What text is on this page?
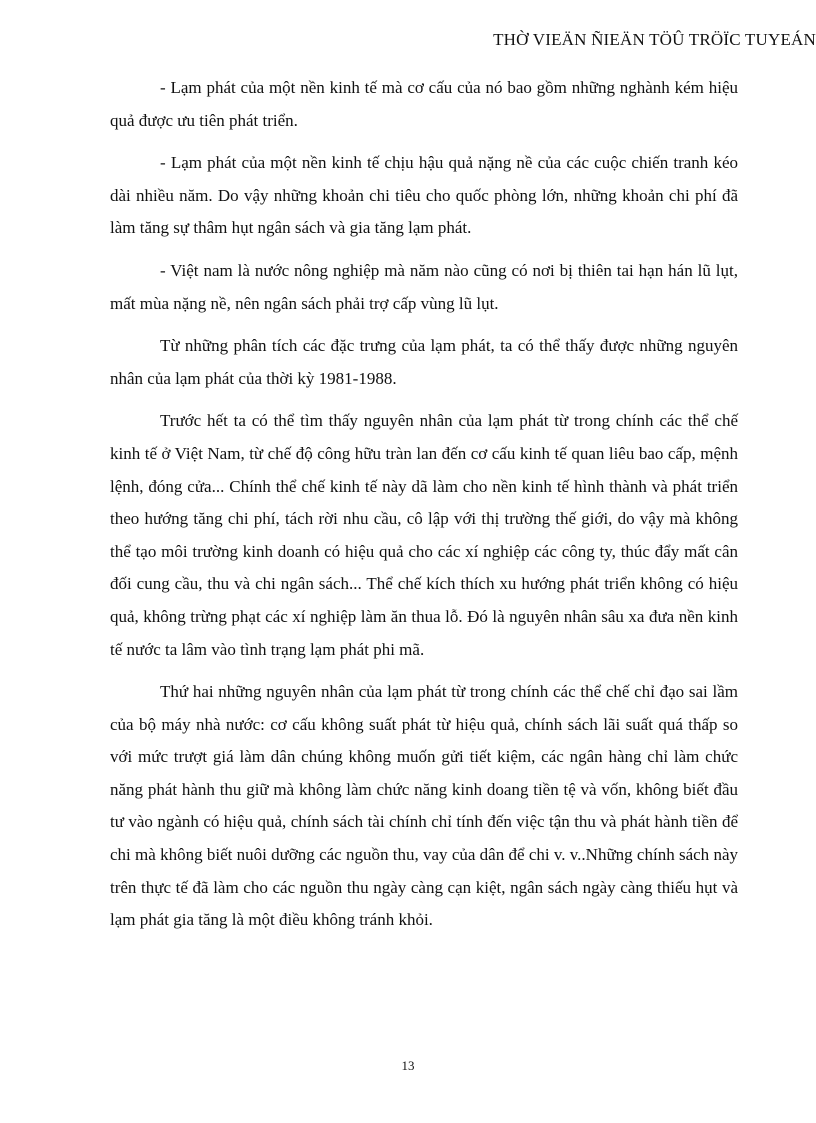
THỜ VIEÄN ÑIEÄN TÖÛ TRÖÏC TUYEÁN

- Lạm phát của một nền kinh tế mà cơ cấu của nó bao gồm những nghành kém hiệu quả được ưu tiên phát triển.

- Lạm phát của một nền kinh tế chịu hậu quả nặng nề của các cuộc chiến tranh kéo dài nhiều năm. Do vậy những khoản chi tiêu cho quốc phòng lớn, những khoản chi phí đã làm tăng sự thâm hụt ngân sách và gia tăng lạm phát.

- Việt nam là nước nông nghiệp mà năm nào cũng có nơi bị thiên tai hạn hán lũ lụt, mất mùa nặng nề, nên ngân sách phải trợ cấp vùng lũ lụt.

Từ những phân tích các đặc trưng của lạm phát, ta có thể thấy được những nguyên nhân của lạm phát của thời kỳ 1981-1988.

Trước hết ta có thể tìm thấy nguyên nhân của lạm phát từ trong chính các thể chế kinh tế ở Việt Nam, từ chế độ công hữu tràn lan đến cơ cấu kinh tế quan liêu bao cấp, mệnh lệnh, đóng cửa... Chính thể chế kinh tế này dã làm cho nền kinh tế hình thành và phát triển theo hướng tăng chi phí, tách rời nhu cầu, cô lập với thị trường thế giới, do vậy mà không thể tạo môi trường kinh doanh có hiệu quả cho các xí nghiệp các công ty, thúc đẩy mất cân đối cung cầu, thu và chi ngân sách... Thể chế kích thích xu hướng phát triển không có hiệu quả, không trừng phạt các xí nghiệp làm ăn thua lỗ. Đó là nguyên nhân sâu xa đưa nền kinh tế nước ta lâm vào tình trạng lạm phát phi mã.

Thứ hai những nguyên nhân của lạm phát từ trong chính các thể chế chỉ đạo sai lầm của bộ máy nhà nước: cơ cấu không suất phát từ hiệu quả, chính sách lãi suất quá thấp so với mức trượt giá làm dân chúng không muốn gửi tiết kiệm, các ngân hàng chỉ làm chức năng phát hành thu giữ mà không làm chức năng kinh doang tiền tệ và vốn, không biết đầu tư vào ngành có hiệu quả, chính sách tài chính chỉ tính đến việc tận thu và phát hành tiền để chi mà không biết nuôi dưỡng các nguồn thu, vay của dân để chi v. v..Những chính sách này trên thực tế đã làm cho các nguồn thu ngày càng cạn kiệt, ngân sách ngày càng thiếu hụt và lạm phát gia tăng là một điều không tránh khỏi.

13
